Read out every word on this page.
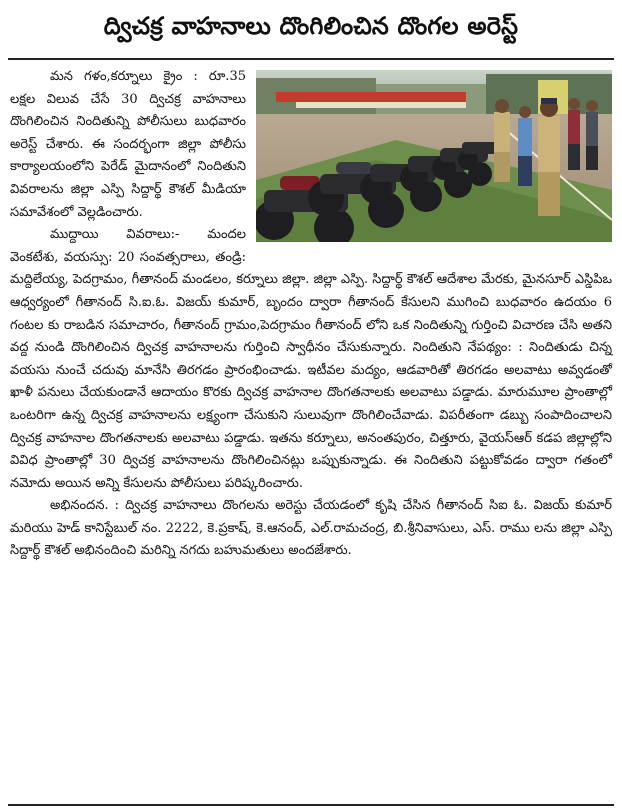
ద్విచక్ర వాహనాలు దొంగిలించిన దొంగల అరెస్ట్

మన గళం,కర్నూలు క్రైం : రూ.35 లక్షల విలువ చేసే 30 ద్విచక్ర వాహనాలు దొంగిలించిన నిందితున్ని పోలీసులు బుధవారం అరెస్ట్ చేశారు. ఈ సందర్భంగా జిల్లా పోలీసు కార్యాలయంలోని పెరేడ్ మైదానంలో నిందితుని వివరాలను జిల్లా ఎస్పి సిద్దార్థ్ కౌశల్ మీడియా సమావేశంలో వెల్లడించారు.

ముద్దాయి వివరాలు:- మందల వెంకటేశు, వయస్సు: 20 సంవత్సరాలు, తండ్రి: మద్దిలేయ్య, పెదగ్రామం, గీతానంద్ మండలం, కర్నూలు జిల్లా. జిల్లా ఎస్పి. సిద్దార్థ్ కౌశల్ ఆదేశాల మేరకు, మైనసూర్ ఎస్డిపిఒ ఆధ్వర్యంలో గీతానంద్ సి.ఐ.ఓ. విజయ్ కుమార్, బృందం ద్వారా గీతానంద్ కేసులని ముగించి బుధవారం ఉదయం 6 గంటల కు రాబడిన సమాచారం, గీతానంద్ గ్రామం,పెదగ్రామం గీతానంద్ లోని ఒక నిందితున్ని గుర్తించి విచారణ చేసి అతని వద్ద నుండి దొంగిలించిన ద్విచక్ర వాహనాలను గుర్తించి స్వాధీనం చేసుకున్నారు. నిందితుని నేపథ్యం: : నిందితుడు చిన్న వయసు నుంచే చదువు మానేసి తిరగడం ప్రారంభించాడు. ఇటీవల మద్యం, ఆడవారితో తిరగడం అలవాటు అవ్వడంతో ఖాళీ పనులు చేయకుండానే ఆదాయం కొరకు ద్విచక్ర వాహనాల దొంగతనాలకు అలవాటు పడ్డాడు. మారుమూల ప్రాంతాల్లో ఒంటరిగా ఉన్న ద్విచక్ర వాహనాలను లక్ష్యంగా చేసుకుని సులువుగా దొంగిలించేవాడు. విపరీతంగా డబ్బు సంపాదించాలని ద్విచక్ర వాహనాల దొంగతనాలకు అలవాటు పడ్డాడు. ఇతను కర్నూలు, అనంతపురం, చిత్తూరు, వైయస్ఆర్ కడప జిల్లాల్లోని వివిధ ప్రాంతాల్లో 30 ద్విచక్ర వాహనాలను దొంగిలించినట్లు ఒప్పుకున్నాడు. ఈ నిందితుని పట్టుకోవడం ద్వారా గతంలో నమోదు అయిన అన్ని కేసులను పోలీసులు పరిష్కరించారు.

అభినందన. : ద్విచక్ర వాహనాలు దొంగలను అరెస్టు చేయడంలో కృషి చేసిన గీతానంద్ సిఐ ఓ. విజయ్ కుమార్ మరియు హెడ్ కానిస్టేబుల్ నం. 2222, కె.ప్రకాష్, కె.ఆనంద్, ఎల్.రామచంద్ర, బి.శ్రీనివాసులు, ఎస్. రాము లను జిల్లా ఎస్పి సిద్దార్థ్ కౌశల్ అభినందించి మరిన్ని నగదు బహుమతులు అందజేశారు.
